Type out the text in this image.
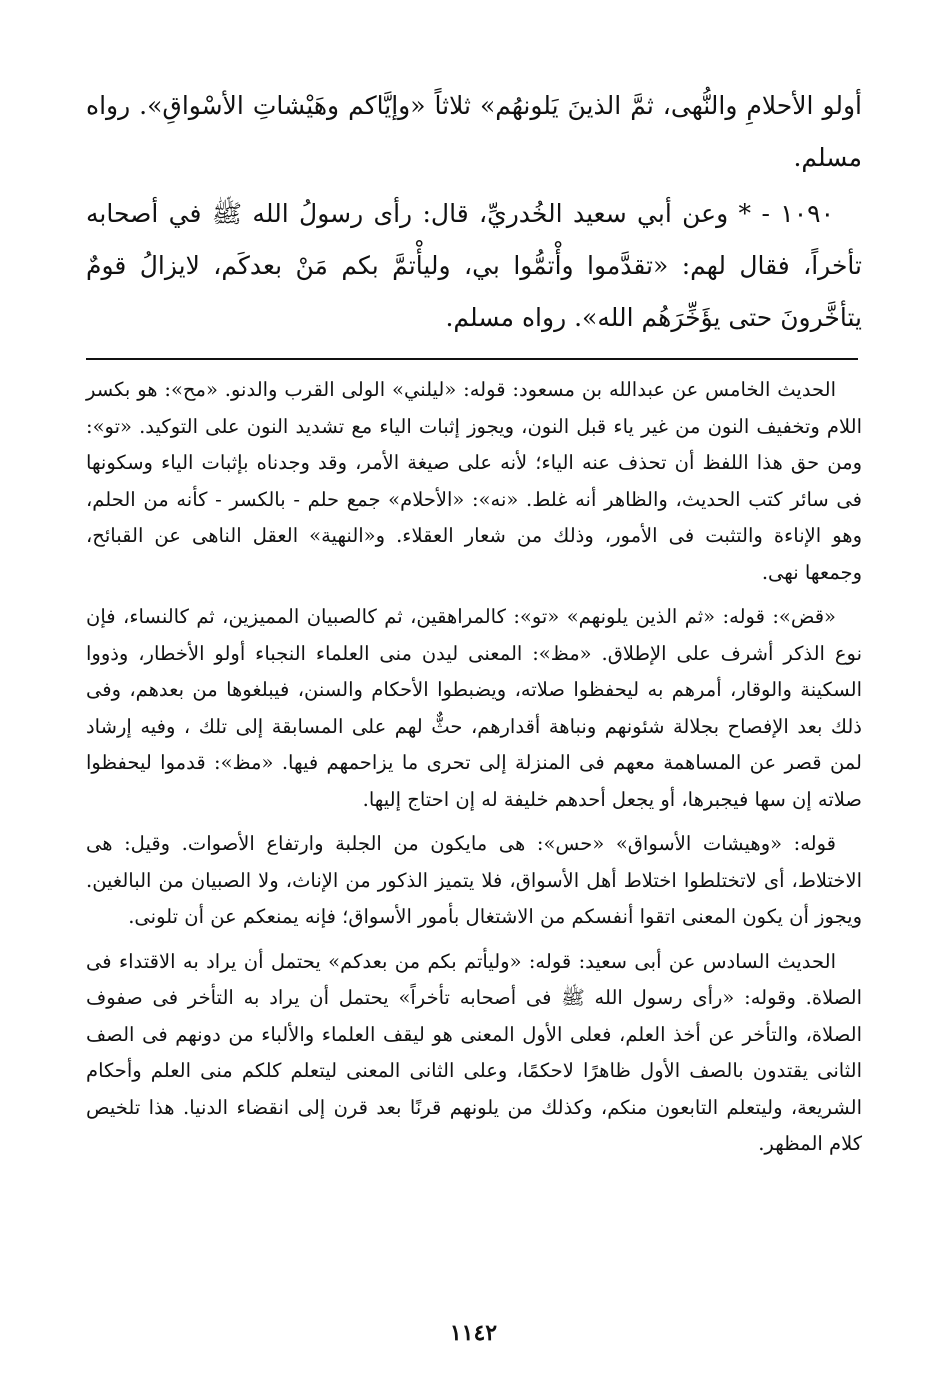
أولو الأحلامِ والنُّهى، ثمَّ الذينَ يَلونهُم» ثلاثاً «وإيَّاكم وهَيْشاتِ الأسْواقِ». رواه مسلم.

١٠٩٠ - * وعن أبي سعيد الخُدريِّ، قال: رأى رسولُ الله ﷺ في أصحابه تأخراً، فقال لهم: «تقدَّموا وأْتمُّوا بي، وليأْتمَّ بكم مَنْ بعدكَم، لايزالُ قومٌ يتأخَّرونَ حتى يؤَخِّرَهُم الله». رواه مسلم.

الحديث الخامس عن عبدالله بن مسعود: قوله: «ليلني» الولى القرب والدنو. «مح»: هو بكسر اللام وتخفيف النون من غير ياء قبل النون، ويجوز إثبات الياء مع تشديد النون على التوكيد. «تو»: ومن حق هذا اللفظ أن تحذف عنه الياء؛ لأنه على صيغة الأمر، وقد وجدناه بإثبات الياء وسكونها فى سائر كتب الحديث، والظاهر أنه غلط. «نه»: «الأحلام» جمع حلم - بالكسر - كأنه من الحلم، وهو الإناءة والتثبت فى الأمور، وذلك من شعار العقلاء. و«النهية» العقل الناهى عن القبائح، وجمعها نهى.

«قض»: قوله: «ثم الذين يلونهم» «تو»: كالمراهقين، ثم كالصبيان المميزين، ثم كالنساء، فإن نوع الذكر أشرف على الإطلاق. «مظ»: المعنى ليدن منى العلماء النجباء أولو الأخطار، وذووا السكينة والوقار، أمرهم به ليحفظوا صلاته، ويضبطوا الأحكام والسنن، فيبلغوها من بعدهم، وفى ذلك بعد الإفصاح بجلالة شئونهم ونباهة أقدارهم، حثٌّ لهم على المسابقة إلى تلك ، وفيه إرشاد لمن قصر عن المساهمة معهم فى المنزلة إلى تحرى ما يزاحمهم فيها. «مظ»: قدموا ليحفظوا صلاته إن سها فيجبرها، أو يجعل أحدهم خليفة له إن احتاج إليها.

قوله: «وهيشات الأسواق» «حس»: هى مايكون من الجلبة وارتفاع الأصوات. وقيل: هى الاختلاط، أى لاتختلطوا اختلاط أهل الأسواق، فلا يتميز الذكور من الإناث، ولا الصبيان من البالغين. ويجوز أن يكون المعنى اتقوا أنفسكم من الاشتغال بأمور الأسواق؛ فإنه يمنعكم عن أن تلونى.

الحديث السادس عن أبى سعيد: قوله: «وليأتم بكم من بعدكم» يحتمل أن يراد به الاقتداء فى الصلاة. وقوله: «رأى رسول الله ﷺ فى أصحابه تأخراً» يحتمل أن يراد به التأخر فى صفوف الصلاة، والتأخر عن أخذ العلم، فعلى الأول المعنى هو ليقف العلماء والألباء من دونهم فى الصف الثانى يقتدون بالصف الأول ظاهرًا لاحكمًا، وعلى الثانى المعنى ليتعلم كلكم منى العلم وأحكام الشريعة، وليتعلم التابعون منكم، وكذلك من يلونهم قرنًا بعد قرن إلى انقضاء الدنيا. هذا تلخيص كلام المظهر.

١١٤٢
